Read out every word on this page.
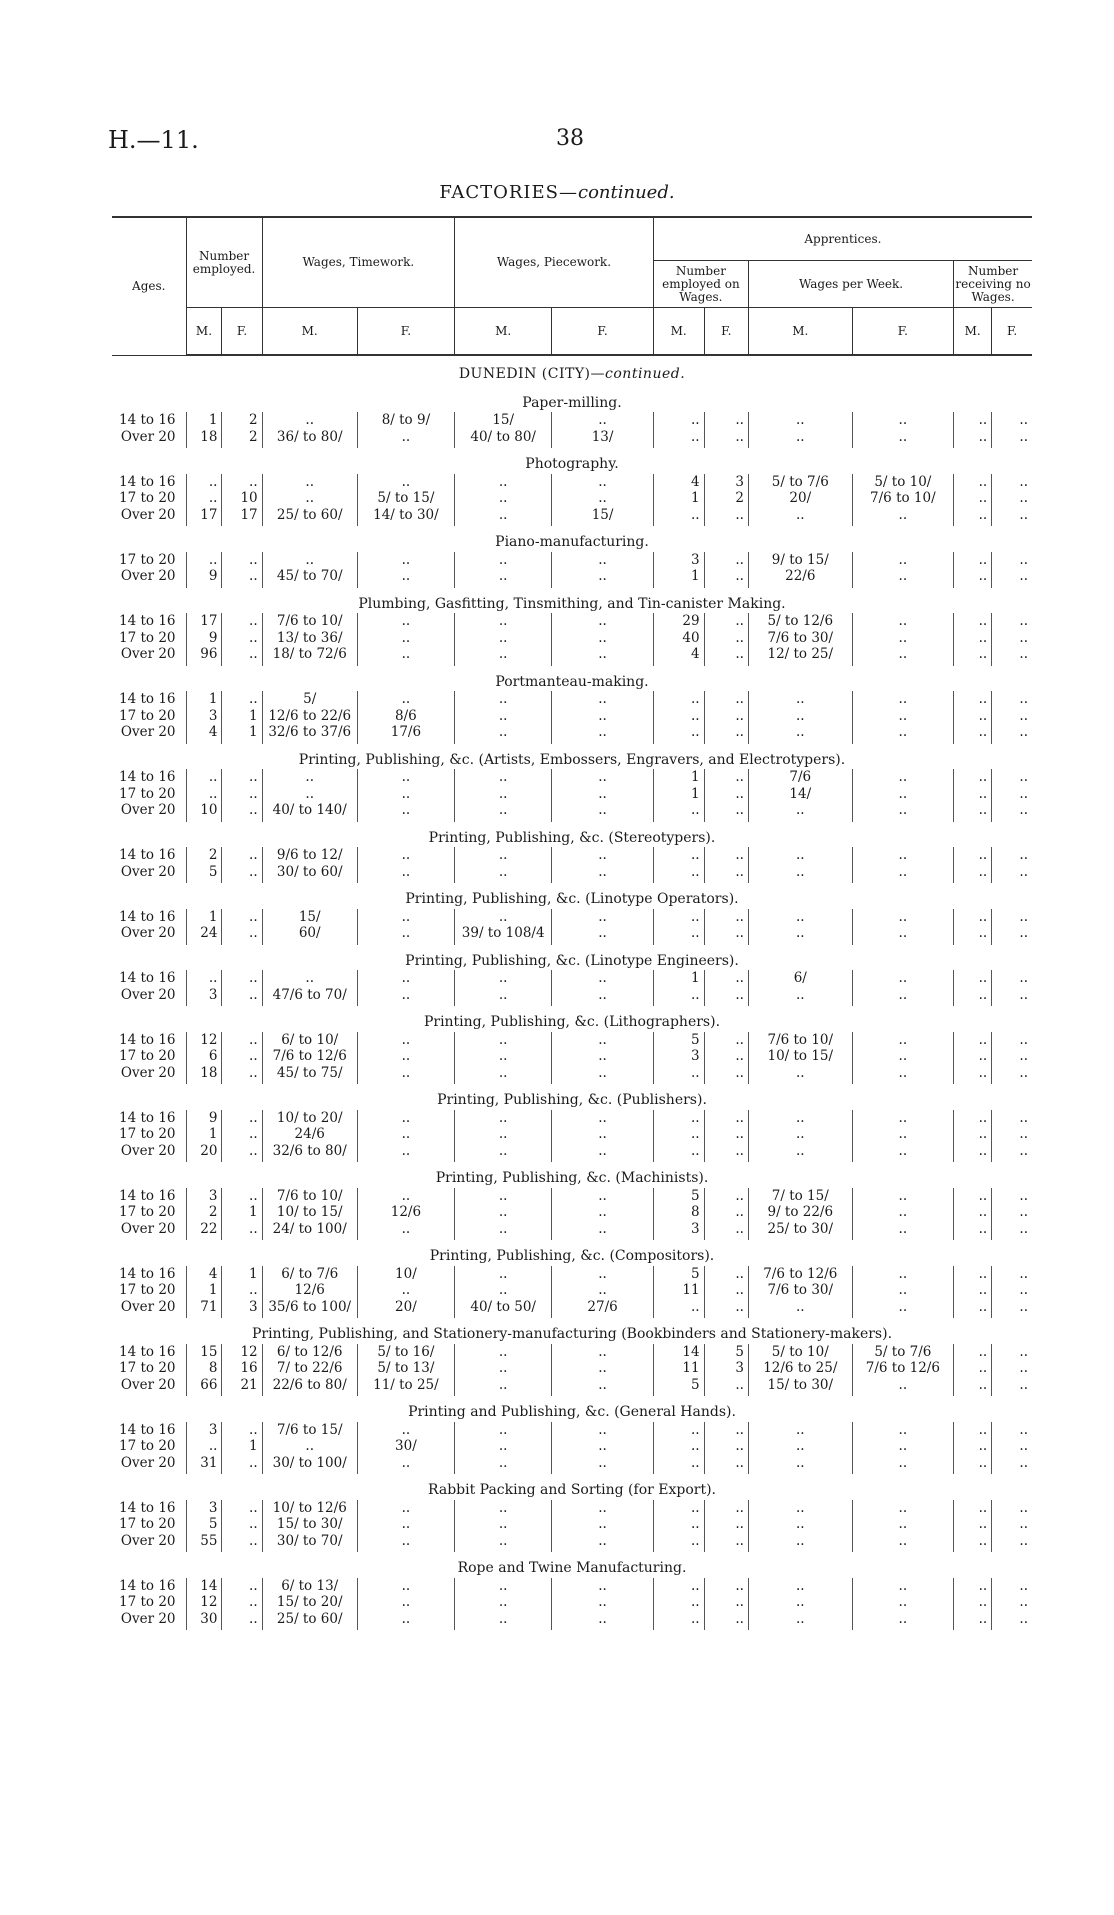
H.—11.	38
FACTORIES—continued.
Ages.	Number employed.		Wages, Timework.		Wages, Piecework.		Apprentices.					
							Number employed on Wages.		Wages per Week.		Number receiving no Wages.	
	M.	F.	M.	F.	M.	F.	M.	F.	M.	F.	M.	F.
DUNEDIN (CITY)—continued.												
Paper-milling.												
14 to 16	1	2	..	8/ to 9/	15/	..	..	..	..	..	..	..
Over 20	18	2	36/ to 80/	..	40/ to 80/	13/	..	..	..	..	..	..
Photography.												
14 to 16	..	..	..	..	..	..	4	3	5/ to 7/6	5/ to 10/	..	..
17 to 20	..	10	..	5/ to 15/	..	..	1	2	20/	7/6 to 10/	..	..
Over 20	17	17	25/ to 60/	14/ to 30/	..	15/	..	..	..	..	..	..
Piano-manufacturing.												
17 to 20	..	..	..	..	..	..	3	..	9/ to 15/	..	..	..
Over 20	9	..	45/ to 70/	..	..	..	1	..	22/6	..	..	..
Plumbing, Gasfitting, Tinsmithing, and Tin-canister Making.												
14 to 16	17	..	7/6 to 10/	..	..	..	29	..	5/ to 12/6	..	..	..
17 to 20	9	..	13/ to 36/	..	..	..	40	..	7/6 to 30/	..	..	..
Over 20	96	..	18/ to 72/6	..	..	..	4	..	12/ to 25/	..	..	..
Portmanteau-making.												
14 to 16	1	..	5/	..	..	..	..	..	..	..	..	..
17 to 20	3	1	12/6 to 22/6	8/6	..	..	..	..	..	..	..	..
Over 20	4	1	32/6 to 37/6	17/6	..	..	..	..	..	..	..	..
Printing, Publishing, &c. (Artists, Embossers, Engravers, and Electrotypers).												
14 to 16	..	..	..	..	..	..	1	..	7/6	..	..	..
17 to 20	..	..	..	..	..	..	1	..	14/	..	..	..
Over 20	10	..	40/ to 140/	..	..	..	..	..	..	..	..	..
Printing, Publishing, &c. (Stereotypers).												
14 to 16	2	..	9/6 to 12/	..	..	..	..	..	..	..	..	..
Over 20	5	..	30/ to 60/	..	..	..	..	..	..	..	..	..
Printing, Publishing, &c. (Linotype Operators).												
14 to 16	1	..	15/	..	..	..	..	..	..	..	..	..
Over 20	24	..	60/	..	39/ to 108/4	..	..	..	..	..	..	..
Printing, Publishing, &c. (Linotype Engineers).												
14 to 16	..	..	..	..	..	..	1	..	6/	..	..	..
Over 20	3	..	47/6 to 70/	..	..	..	..	..	..	..	..	..
Printing, Publishing, &c. (Lithographers).												
14 to 16	12	..	6/ to 10/	..	..	..	5	..	7/6 to 10/	..	..	..
17 to 20	6	..	7/6 to 12/6	..	..	..	3	..	10/ to 15/	..	..	..
Over 20	18	..	45/ to 75/	..	..	..	..	..	..	..	..	..
Printing, Publishing, &c. (Publishers).												
14 to 16	9	..	10/ to 20/	..	..	..	..	..	..	..	..	..
17 to 20	1	..	24/6	..	..	..	..	..	..	..	..	..
Over 20	20	..	32/6 to 80/	..	..	..	..	..	..	..	..	..
Printing, Publishing, &c. (Machinists).												
14 to 16	3	..	7/6 to 10/	..	..	..	5	..	7/ to 15/	..	..	..
17 to 20	2	1	10/ to 15/	12/6	..	..	8	..	9/ to 22/6	..	..	..
Over 20	22	..	24/ to 100/	..	..	..	3	..	25/ to 30/	..	..	..
Printing, Publishing, &c. (Compositors).												
14 to 16	4	1	6/ to 7/6	10/	..	..	5	..	7/6 to 12/6	..	..	..
17 to 20	1	..	12/6	..	..	..	11	..	7/6 to 30/	..	..	..
Over 20	71	3	35/6 to 100/	20/	40/ to 50/	27/6	..	..	..	..	..	..
Printing, Publishing, and Stationery-manufacturing (Bookbinders and Stationery-makers).												
14 to 16	15	12	6/ to 12/6	5/ to 16/	..	..	14	5	5/ to 10/	5/ to 7/6	..	..
17 to 20	8	16	7/ to 22/6	5/ to 13/	..	..	11	3	12/6 to 25/	7/6 to 12/6	..	..
Over 20	66	21	22/6 to 80/	11/ to 25/	..	..	5	..	15/ to 30/	..	..	..
Printing and Publishing, &c. (General Hands).												
14 to 16	3	..	7/6 to 15/	..	..	..	..	..	..	..	..	..
17 to 20	..	1	..	30/	..	..	..	..	..	..	..	..
Over 20	31	..	30/ to 100/	..	..	..	..	..	..	..	..	..
Rabbit Packing and Sorting (for Export).												
14 to 16	3	..	10/ to 12/6	..	..	..	..	..	..	..	..	..
17 to 20	5	..	15/ to 30/	..	..	..	..	..	..	..	..	..
Over 20	55	..	30/ to 70/	..	..	..	..	..	..	..	..	..
Rope and Twine Manufacturing.												
14 to 16	14	..	6/ to 13/	..	..	..	..	..	..	..	..	..
17 to 20	12	..	15/ to 20/	..	..	..	..	..	..	..	..	..
Over 20	30	..	25/ to 60/	..	..	..	..	..	..	..	..	..
